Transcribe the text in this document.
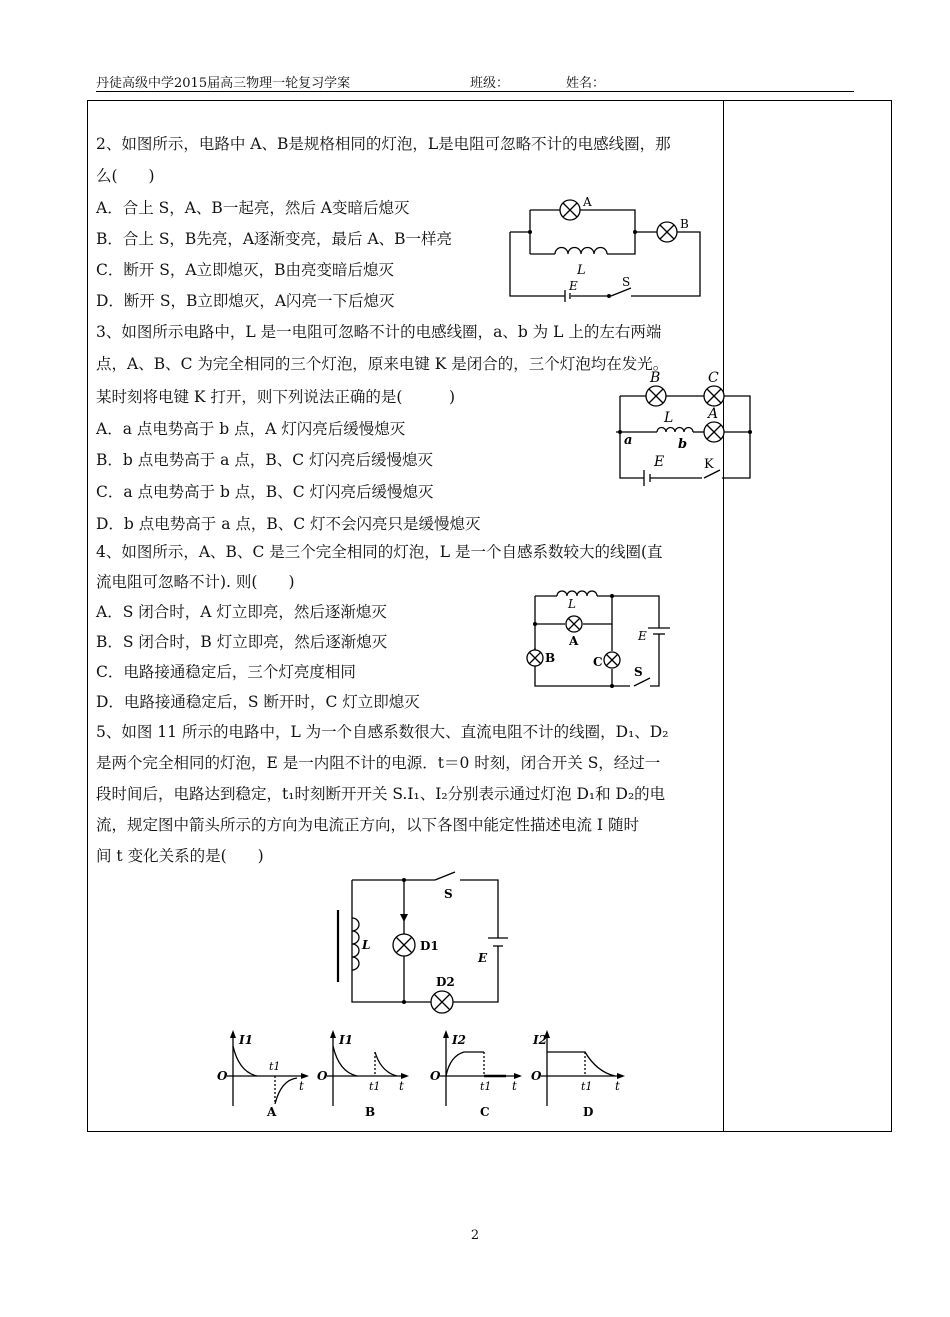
丹徒高级中学2015届高三物理一轮复习学案	班级：	姓名：
2、如图所示，电路中 A、B是规格相同的灯泡，L是电阻可忽略不计的电感线圈，那
么(　　)
A．合上 S，A、B一起亮，然后 A变暗后熄灭
B．合上 S，B先亮，A逐渐变亮，最后 A、B一样亮
C．断开 S，A立即熄灭，B由亮变暗后熄灭
D．断开 S，B立即熄灭，A闪亮一下后熄灭
3、如图所示电路中，L 是一电阻可忽略不计的电感线圈，a、b 为 L 上的左右两端
点，A、B、C 为完全相同的三个灯泡，原来电键 K 是闭合的，三个灯泡均在发光。
某时刻将电键 K 打开，则下列说法正确的是(　　　)
A．a 点电势高于 b 点，A 灯闪亮后缓慢熄灭
B．b 点电势高于 a 点，B、C 灯闪亮后缓慢熄灭
C．a 点电势高于 b 点，B、C 灯闪亮后缓慢熄灭
D．b 点电势高于 a 点，B、C 灯不会闪亮只是缓慢熄灭
4、如图所示，A、B、C 是三个完全相同的灯泡，L 是一个自感系数较大的线圈(直
流电阻可忽略不计). 则(　　)
A．S 闭合时，A 灯立即亮，然后逐渐熄灭
B．S 闭合时，B 灯立即亮，然后逐渐熄灭
C．电路接通稳定后，三个灯亮度相同
D．电路接通稳定后，S 断开时，C 灯立即熄灭
5、如图 11 所示的电路中，L 为一个自感系数很大、直流电阻不计的线圈，D₁、D₂
是两个完全相同的灯泡，E 是一内阻不计的电源．t＝0 时刻，闭合开关 S，经过一
段时间后，电路达到稳定，t₁时刻断开开关 S.I₁、I₂分别表示通过灯泡 D₁和 D₂的电
流，规定图中箭头所示的方向为电流正方向，以下各图中能定性描述电流 I 随时
间 t 变化关系的是(　　)
A
B
L
E	S
B	C
A
L
a	b
E	K
L
A
B	C
E
S
L	D1
D2
E
S
I1
O
t1
t
A
I1
O
t1 t
B
I2
O
t1 t
C
I2
O
t1 t
D
2
